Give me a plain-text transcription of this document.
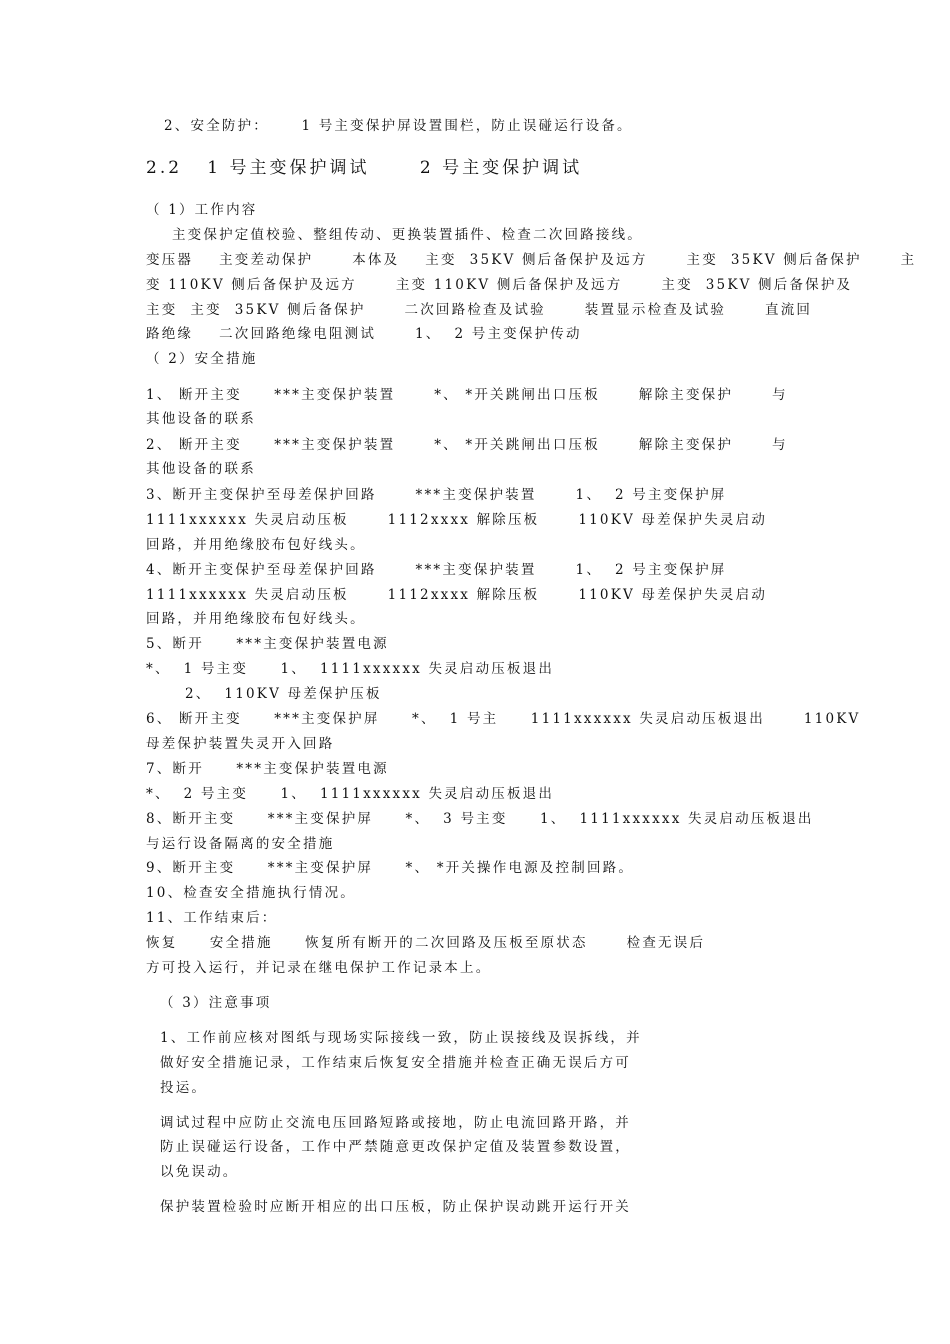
2、安全防护：     1 号主变保护屏设置围栏，防止误碰运行设备。
2.2   1 号主变保护调试      2 号主变保护调试
（ 1）工作内容
主变保护定值校验、整组传动、更换装置插件、检查二次回路接线。
变压器    主变差动保护      本体及    主变  35KV 侧后备保护及远方      主变  35KV 侧后备保护      主
变 110KV 侧后备保护及远方      主变 110KV 侧后备保护及远方      主变  35KV 侧后备保护及
主变  主变  35KV 侧后备保护      二次回路检查及试验      装置显示检查及试验      直流回
路绝缘    二次回路绝缘电阻测试      1、  2 号主变保护传动
（ 2）安全措施
1、 断开主变     ***主变保护装置      *、 *开关跳闸出口压板      解除主变保护      与
其他设备的联系
2、 断开主变     ***主变保护装置      *、 *开关跳闸出口压板      解除主变保护      与
其他设备的联系
3、断开主变保护至母差保护回路      ***主变保护装置      1、  2 号主变保护屏
1111xxxxxx 失灵启动压板      1112xxxx 解除压板      110KV 母差保护失灵启动
回路，并用绝缘胶布包好线头。
4、断开主变保护至母差保护回路      ***主变保护装置      1、  2 号主变保护屏
1111xxxxxx 失灵启动压板      1112xxxx 解除压板      110KV 母差保护失灵启动
回路，并用绝缘胶布包好线头。
5、断开     ***主变保护装置电源
*、  1 号主变     1、  1111xxxxxx 失灵启动压板退出
2、  110KV 母差保护压板
6、 断开主变     ***主变保护屏     *、  1 号主     1111xxxxxx 失灵启动压板退出      110KV
母差保护装置失灵开入回路
7、断开     ***主变保护装置电源
*、  2 号主变     1、  1111xxxxxx 失灵启动压板退出
8、断开主变     ***主变保护屏     *、  3 号主变     1、  1111xxxxxx 失灵启动压板退出
与运行设备隔离的安全措施
9、断开主变     ***主变保护屏     *、 *开关操作电源及控制回路。
10、检查安全措施执行情况。
11、工作结束后：
恢复     安全措施     恢复所有断开的二次回路及压板至原状态      检查无误后
方可投入运行，并记录在继电保护工作记录本上。
（ 3）注意事项
1、工作前应核对图纸与现场实际接线一致，防止误接线及误拆线，并
做好安全措施记录，工作结束后恢复安全措施并检查正确无误后方可
投运。
调试过程中应防止交流电压回路短路或接地，防止电流回路开路，并
防止误碰运行设备，工作中严禁随意更改保护定值及装置参数设置，
以免误动。
保护装置检验时应断开相应的出口压板，防止保护误动跳开运行开关
